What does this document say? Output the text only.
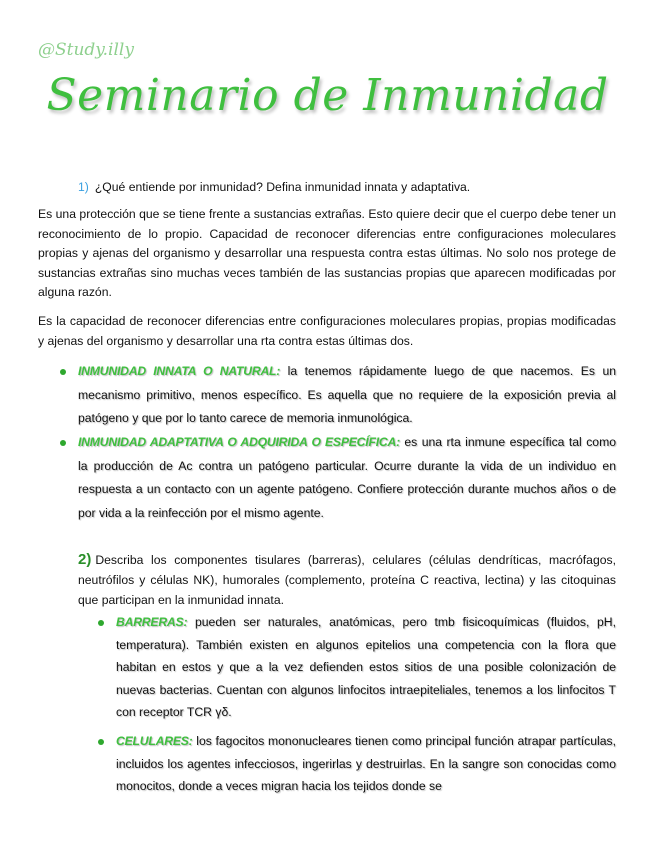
@Study.illy
Seminario de Inmunidad
1) ¿Qué entiende por inmunidad? Defina inmunidad innata y adaptativa.
Es una protección que se tiene frente a sustancias extrañas. Esto quiere decir que el cuerpo debe tener un reconocimiento de lo propio. Capacidad de reconocer diferencias entre configuraciones moleculares propias y ajenas del organismo y desarrollar una respuesta contra estas últimas. No solo nos protege de sustancias extrañas sino muchas veces también de las sustancias propias que aparecen modificadas por alguna razón.
Es la capacidad de reconocer diferencias entre configuraciones moleculares propias, propias modificadas y ajenas del organismo y desarrollar una rta contra estas últimas dos.
INMUNIDAD INNATA O NATURAL: la tenemos rápidamente luego de que nacemos. Es un mecanismo primitivo, menos específico. Es aquella que no requiere de la exposición previa al patógeno y que por lo tanto carece de memoria inmunológica.
INMUNIDAD ADAPTATIVA O ADQUIRIDA O ESPECÍFICA: es una rta inmune específica tal como la producción de Ac contra un patógeno particular. Ocurre durante la vida de un individuo en respuesta a un contacto con un agente patógeno. Confiere protección durante muchos años o de por vida a la reinfección por el mismo agente.
2) Describa los componentes tisulares (barreras), celulares (células dendríticas, macrófagos, neutrófilos y células NK), humorales (complemento, proteína C reactiva, lectina) y las citoquinas que participan en la inmunidad innata.
BARRERAS: pueden ser naturales, anatómicas, pero tmb fisicoquímicas (fluidos, pH, temperatura). También existen en algunos epitelios una competencia con la flora que habitan en estos y que a la vez defienden estos sitios de una posible colonización de nuevas bacterias. Cuentan con algunos linfocitos intraepiteliales, tenemos a los linfocitos T con receptor TCR γδ.
CELULARES: los fagocitos mononucleares tienen como principal función atrapar partículas, incluidos los agentes infecciosos, ingerirlas y destruirlas. En la sangre son conocidas como monocitos, donde a veces migran hacia los tejidos donde se
